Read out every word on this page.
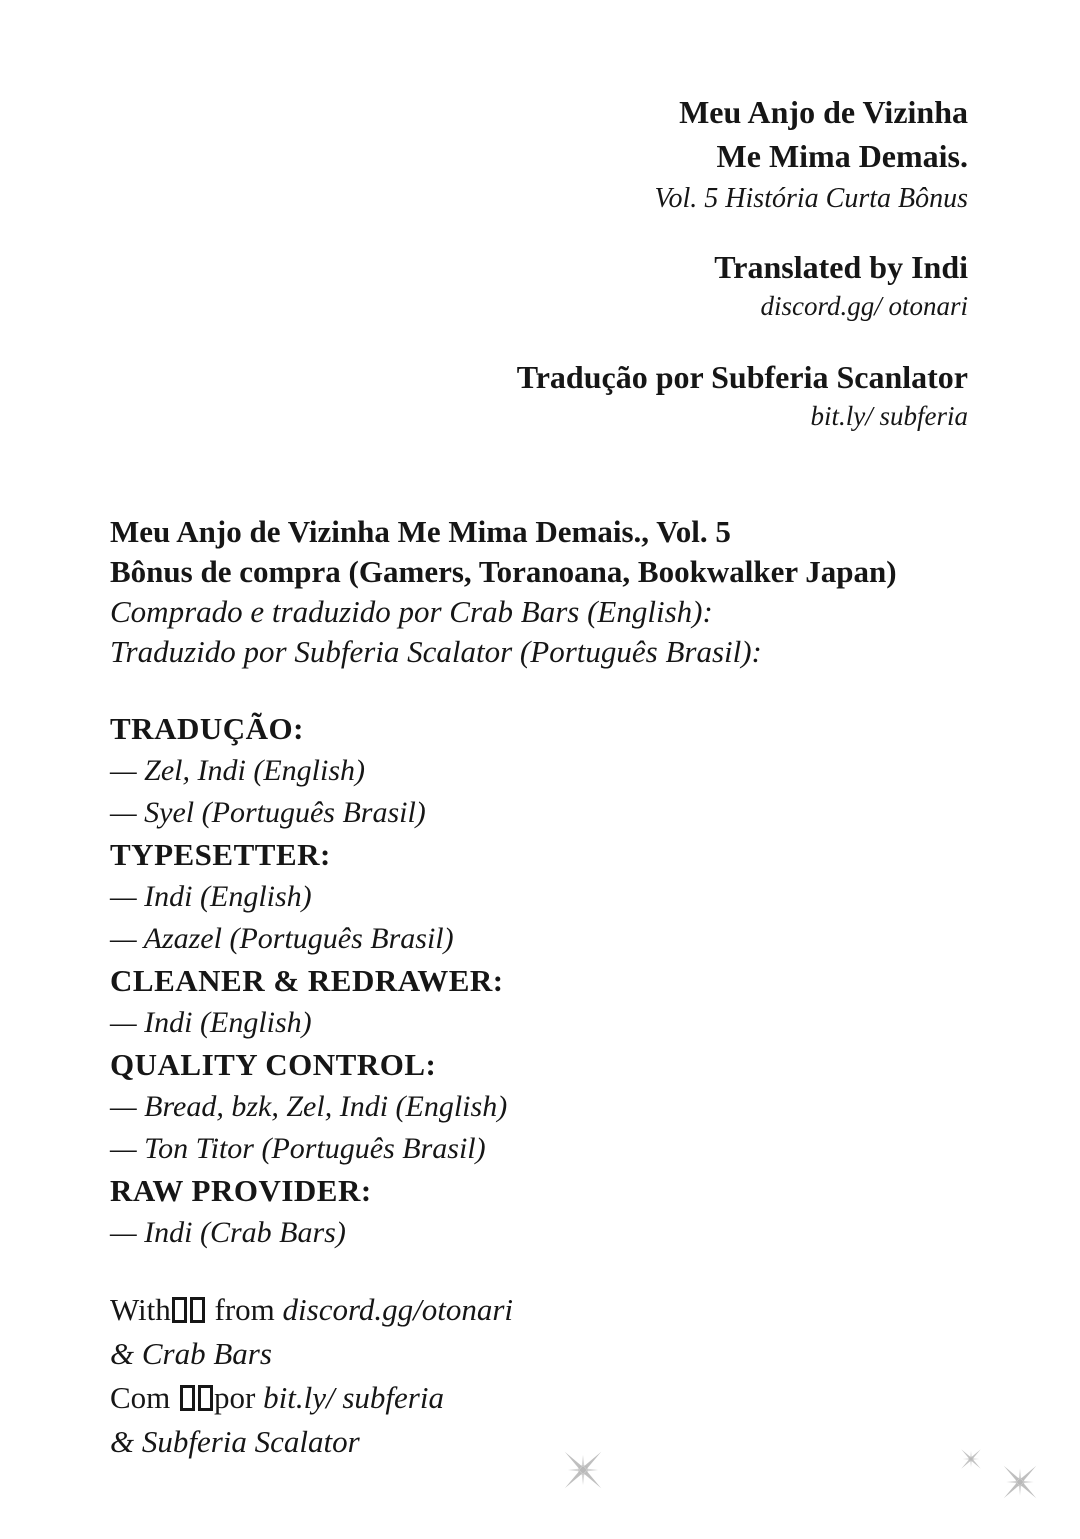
Meu Anjo de Vizinha
Me Mima Demais.
Vol. 5 História Curta Bônus
Translated by Indi
discord.gg/ otonari
Tradução por Subferia Scanlator
bit.ly/ subferia
Meu Anjo de Vizinha Me Mima Demais., Vol. 5
Bônus de compra (Gamers, Toranoana, Bookwalker Japan)
Comprado e traduzido por Crab Bars (English):
Traduzido por Subferia Scalator (Português Brasil):
TRADUÇÃO:
— Zel, Indi (English)
— Syel (Português Brasil)
TYPESETTER:
— Indi (English)
— Azazel (Português Brasil)
CLEANER & REDRAWER:
— Indi (English)
QUALITY CONTROL:
— Bread, bzk, Zel, Indi (English)
— Ton Titor (Português Brasil)
RAW PROVIDER:
— Indi (Crab Bars)
With from discord.gg/otonari
& Crab Bars
Com por bit.ly/ subferia
& Subferia Scalator
